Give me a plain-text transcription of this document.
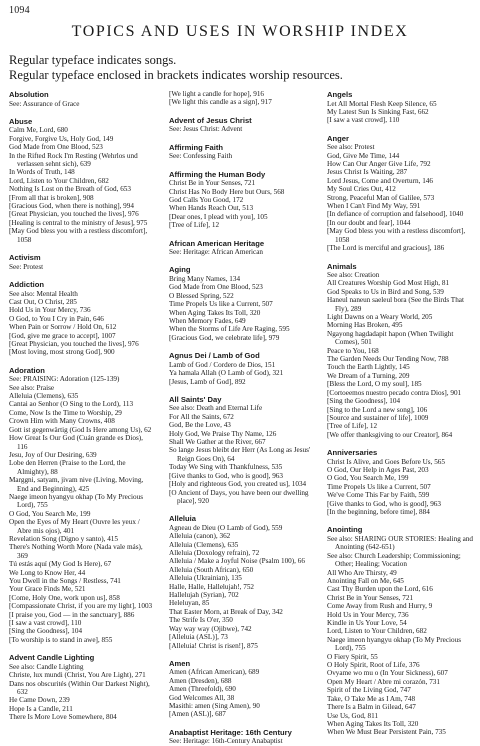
1094
TOPICS AND USES IN WORSHIP INDEX
Regular typeface indicates songs.
Regular typeface enclosed in brackets indicates worship resources.
Absolution
See: Assurance of Grace
Abuse
Calm Me, Lord, 680
Forgive, Forgive Us, Holy God, 149
God Made from One Blood, 523
In the Rifted Rock I'm Resting (Wehrlos und verlassen sehnt sich), 639
In Words of Truth, 148
Lord, Listen to Your Children, 682
Nothing Is Lost on the Breath of God, 653
[From all that is broken], 908
[Gracious God, when there is nothing], 994
[Great Physician, you touched the lives], 976
[Healing is central to the ministry of Jesus], 975
[May God bless you with a restless discomfort], 1058
Activism
See: Protest
Addiction
See also: Mental Health
Cast Out, O Christ, 285
Hold Us in Your Mercy, 736
O God, to You I Cry in Pain, 646
When Pain or Sorrow / Hold On, 612
[God, give me grace to accept], 1007
[Great Physician, you touched the lives], 976
[Most loving, most strong God], 900
Adoration
See: PRAISING: Adoration (125-139)
See also: Praise
Alleluia (Clemens), 635
Cantai ao Senhor (O Sing to the Lord), 113
Come, Now Is the Time to Worship, 29
Crown Him with Many Crowns, 408
Gott ist gegenwärtig (God Is Here among Us), 62
How Great Is Our God (Cuán grande es Dios), 116
Jesu, Joy of Our Desiring, 639
Lobe den Herren (Praise to the Lord, the Almighty), 88
Marggni, satyam, jivam nive (Living, Moving, End and Beginning), 425
Naege imeon hyangyu okhap (To My Precious Lord), 755
O God, You Search Me, 199
Open the Eyes of My Heart (Ouvre les yeux / Abre mis ojos), 401
Revelation Song (Digno y santo), 415
There's Nothing Worth More (Nada vale más), 369
Tú estás aquí (My God Is Here), 67
We Long to Know Her, 44
You Dwell in the Songs / Restless, 741
Your Grace Finds Me, 521
[Come, Holy One, work upon us], 858
[Compassionate Christ, if you are my light], 1003
[I praise you, God — in the sanctuary], 886
[I saw a vast crowd], 110
[Sing the Goodness], 104
[To worship is to stand in awe], 855
Advent Candle Lighting
See also: Candle Lighting
Christe, lux mundi (Christ, You Are Light), 271
Dans nos obscurités (Within Our Darkest Night), 632
He Came Down, 239
Hope Is a Candle, 211
There Is More Love Somewhere, 804
[We light a candle for hope], 916
[We light this candle as a sign], 917
Advent of Jesus Christ
See: Jesus Christ: Advent
Affirming Faith
See: Confessing Faith
Affirming the Human Body
Christ Be in Your Senses, 721
Christ Has No Body Here but Ours, 568
God Calls You Good, 172
When Hands Reach Out, 513
[Dear ones, I plead with you], 105
[Tree of Life], 12
African American Heritage
See: Heritage: African American
Aging
Bring Many Names, 134
God Made from One Blood, 523
O Blessed Spring, 522
Time Propels Us like a Current, 507
When Aging Takes Its Toll, 320
When Memory Fades, 649
When the Storms of Life Are Raging, 595
[Gracious God, we celebrate life], 979
Agnus Dei / Lamb of God
Lamb of God / Cordero de Dios, 151
Ya hamala Allah (O Lamb of God), 321
[Jesus, Lamb of God], 892
All Saints' Day
See also: Death and Eternal Life
For All the Saints, 672
God, Be the Love, 43
Holy God, We Praise Thy Name, 126
Shall We Gather at the River, 667
So lange Jesus bleibt der Herr (As Long as Jesus' Reign Goes On), 64
Today We Sing with Thankfulness, 535
[Give thanks to God, who is good], 963
[Holy and righteous God, you created us], 1034
[O Ancient of Days, you have been our dwelling place], 920
Alleluia
Agneau de Dieu (O Lamb of God), 559
Alleluia (canon), 362
Alleluia (Clemens), 635
Alleluia (Doxology refrain), 72
Alleluia / Make a Joyful Noise (Psalm 100), 66
Alleluia (South African), 650
Alleluia (Ukrainian), 135
Halle, Halle, Hallelujah!, 752
Hallelujah (Syrian), 702
Heleluyan, 85
That Easter Morn, at Break of Day, 342
The Strife Is O'er, 350
Way way way (Ojibwe), 742
[Alleluia (ASL)], 73
[Alleluia! Christ is risen!], 875
Amen
Amen (African American), 689
Amen (Dresden), 688
Amen (Threefold), 690
God Welcomes All, 38
Masithi: amen (Sing Amen), 90
[Amen (ASL)], 687
Anabaptist Heritage: 16th Century
See: Heritage: 16th-Century Anabaptist
Angels
Let All Mortal Flesh Keep Silence, 65
My Latest Sun Is Sinking Fast, 662
[I saw a vast crowd], 110
Anger
See also: Protest
God, Give Me Time, 144
How Can Our Anger Give Life, 792
Jesus Christ Is Waiting, 287
Lord Jesus, Come and Overturn, 146
My Soul Cries Out, 412
Strong, Peaceful Man of Galilee, 573
When I Can't Find My Way, 591
[In defiance of corruption and falsehood], 1040
[In our doubt and fear], 1044
[May God bless you with a restless discomfort], 1058
[The Lord is merciful and gracious], 186
Animals
See also: Creation
All Creatures Worship God Most High, 81
God Speaks to Us in Bird and Song, 539
Haneul naneun saeleul bora (See the Birds That Fly), 289
Light Dawns on a Weary World, 205
Morning Has Broken, 495
Ngayong hagdadapit hapon (When Twilight Comes), 501
Peace to You, 168
The Garden Needs Our Tending Now, 788
Touch the Earth Lightly, 145
We Dream of a Turning, 209
[Bless the Lord, O my soul], 185
[Cortoeemos nuestro pecado contra Dios], 901
[Sing the Goodness], 104
[Sing to the Lord a new song], 106
[Source and sustainer of life], 1009
[Tree of Life], 12
[We offer thanksgiving to our Creator], 864
Anniversaries
Christ Is Alive, and Goes Before Us, 565
O God, Our Help in Ages Past, 203
O God, You Search Me, 199
Time Propels Us like a Current, 507
We've Come This Far by Faith, 599
[Give thanks to God, who is good], 963
[In the beginning, before time], 884
Anointing
See also: SHARING OUR STORIES: Healing and Anointing (642-651)
See also: Church Leadership; Commissioning; Other; Healing; Vocation
All Who Are Thirsty, 49
Anointing Fall on Me, 645
Cast Thy Burden upon the Lord, 616
Christ Be in Your Senses, 721
Come Away from Rush and Hurry, 9
Hold Us in Your Mercy, 736
Kindle in Us Your Love, 54
Lord, Listen to Your Children, 682
Naege imeon hyangyu okhap (To My Precious Lord), 755
O Fiery Spirit, 55
O Holy Spirit, Root of Life, 376
Ovyame wo mu o (In Your Sickness), 607
Open My Heart / Abre mi corazón, 731
Spirit of the Living God, 747
Take, O Take Me as I Am, 748
There Is a Balm in Gilead, 647
Use Us, God, 811
When Aging Takes Its Toll, 320
When We Must Bear Persistent Pain, 735
